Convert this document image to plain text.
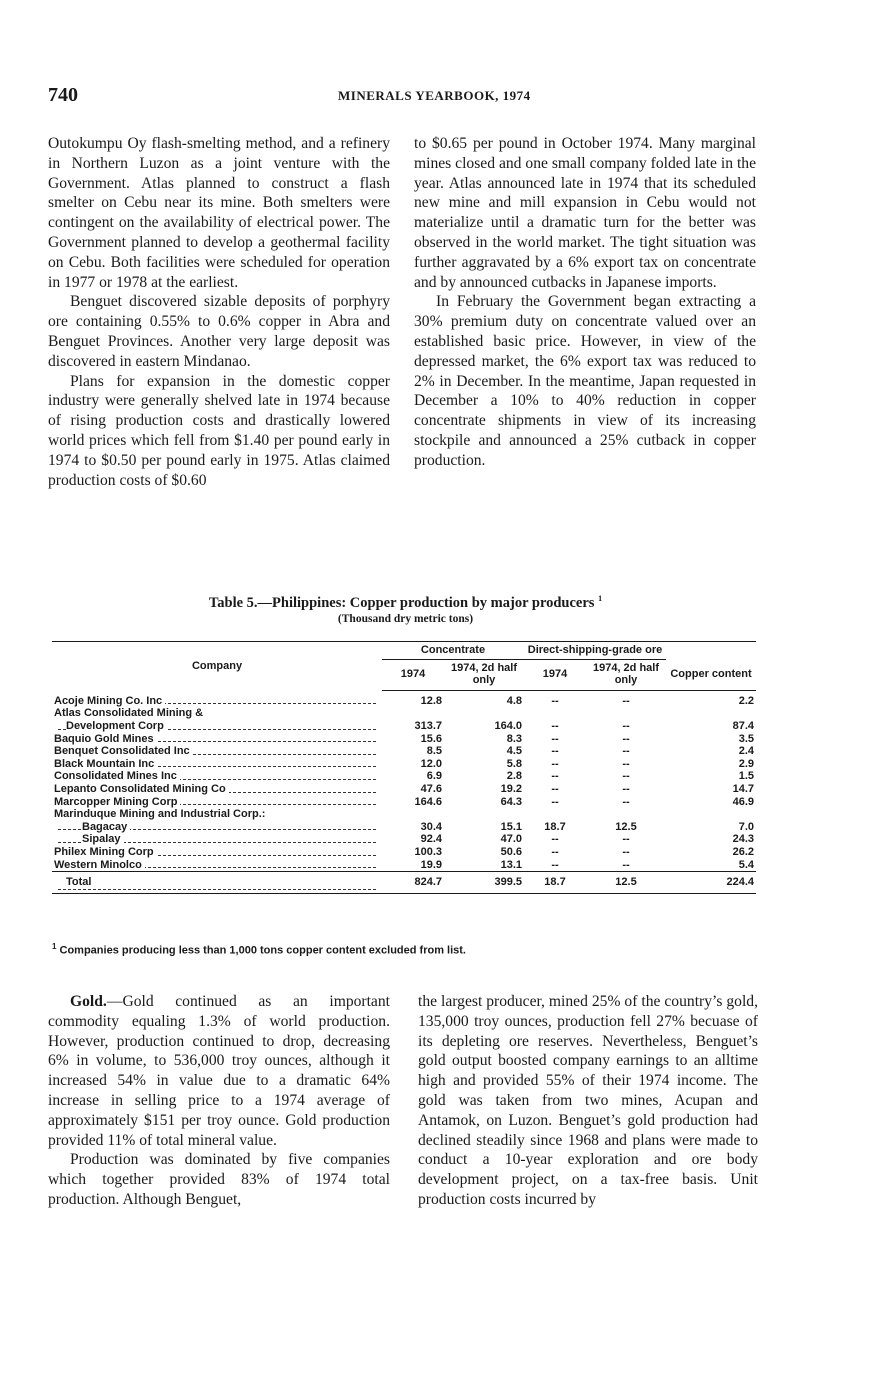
740	MINERALS YEARBOOK, 1974

Outokumpu Oy flash-smelting method, and a refinery in Northern Luzon as a joint venture with the Government. Atlas planned to construct a flash smelter on Cebu near its mine. Both smelters were contingent on the availability of electrical power. The Government planned to develop a geothermal facility on Cebu. Both facilities were scheduled for operation in 1977 or 1978 at the earliest.

Benguet discovered sizable deposits of porphyry ore containing 0.55% to 0.6% copper in Abra and Benguet Provinces. Another very large deposit was discovered in eastern Mindanao.

Plans for expansion in the domestic copper industry were generally shelved late in 1974 because of rising production costs and drastically lowered world prices which fell from $1.40 per pound early in 1974 to $0.50 per pound early in 1975. Atlas claimed production costs of $0.60

to $0.65 per pound in October 1974. Many marginal mines closed and one small company folded late in the year. Atlas announced late in 1974 that its scheduled new mine and mill expansion in Cebu would not materialize until a dramatic turn for the better was observed in the world market. The tight situation was further aggravated by a 6% export tax on concentrate and by announced cutbacks in Japanese imports.

In February the Government began extracting a 30% premium duty on concentrate valued over an established basic price. However, in view of the depressed market, the 6% export tax was reduced to 2% in December. In the meantime, Japan requested in December a 10% to 40% reduction in copper concentrate shipments in view of its increasing stockpile and announced a 25% cutback in copper production.

Table 5.—Philippines: Copper production by major producers $^1$
(Thousand dry metric tons)
Company	Concentrate		Direct-shipping-grade ore		
	1974	1974, 2d half only	1974	1974, 2d half only	Copper content
Acoje Mining Co. Inc	12.8	4.8	--	--	2.2
Atlas Consolidated Mining &					
Development Corp	313.7	164.0	--	--	87.4
Baquio Gold Mines	15.6	8.3	--	--	3.5
Benquet Consolidated Inc	8.5	4.5	--	--	2.4
Black Mountain Inc	12.0	5.8	--	--	2.9
Consolidated Mines Inc	6.9	2.8	--	--	1.5
Lepanto Consolidated Mining Co	47.6	19.2	--	--	14.7
Marcopper Mining Corp	164.6	64.3	--	--	46.9
Marinduque Mining and Industrial Corp.:					
Bagacay	30.4	15.1	18.7	12.5	7.0
Sipalay	92.4	47.0	--	--	24.3
Philex Mining Corp	100.3	50.6	--	--	26.2
Western Minolco	19.9	13.1	--	--	5.4
Total	824.7	399.5	18.7	12.5	224.4
$^1$ Companies producing less than 1,000 tons copper content excluded from list.

Gold.—Gold continued as an important commodity equaling 1.3% of world production. However, production continued to drop, decreasing 6% in volume, to 536,000 troy ounces, although it increased 54% in value due to a dramatic 64% increase in selling price to a 1974 average of approximately $151 per troy ounce. Gold production provided 11% of total mineral value.

Production was dominated by five companies which together provided 83% of 1974 total production. Although Benguet,

the largest producer, mined 25% of the country’s gold, 135,000 troy ounces, production fell 27% becuase of its depleting ore reserves. Nevertheless, Benguet’s gold output boosted company earnings to an alltime high and provided 55% of their 1974 income. The gold was taken from two mines, Acupan and Antamok, on Luzon. Benguet’s gold production had declined steadily since 1968 and plans were made to conduct a 10-year exploration and ore body development project, on a tax-free basis. Unit production costs incurred by
